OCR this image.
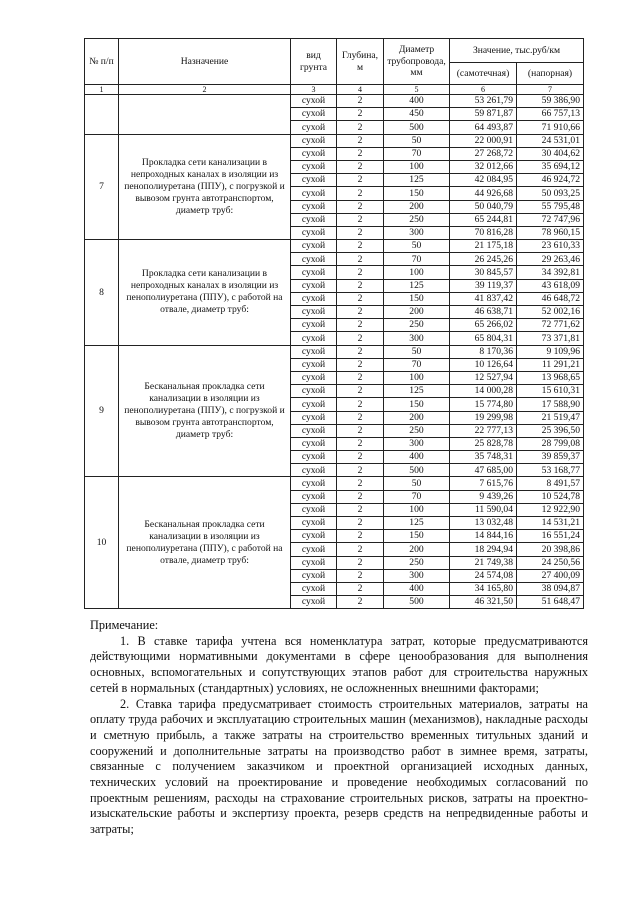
№ п/п	Назначение	вид грунта	Глубина, м	Диаметр трубопровода, мм	Значение, тыс.руб/км	
					(самотечная)	(напорная)
1	2	3	4	5	6	7
		сухой	2	400	53 261,79	59 386,90
		сухой	2	450	59 871,87	66 757,13
		сухой	2	500	64 493,87	71 910,66
7	Прокладка сети канализации в непроходных каналах в изоляции из пенополиуретана (ППУ), с погрузкой и вывозом грунта автотранспортом, диаметр труб:	сухой	2	50	22 000,91	24 531,01
		сухой	2	70	27 268,72	30 404,62
		сухой	2	100	32 012,66	35 694,12
		сухой	2	125	42 084,95	46 924,72
		сухой	2	150	44 926,68	50 093,25
		сухой	2	200	50 040,79	55 795,48
		сухой	2	250	65 244,81	72 747,96
		сухой	2	300	70 816,28	78 960,15
8	Прокладка сети канализации в непроходных каналах в изоляции из пенополиуретана (ППУ), с работой на отвале, диаметр труб:	сухой	2	50	21 175,18	23 610,33
		сухой	2	70	26 245,26	29 263,46
		сухой	2	100	30 845,57	34 392,81
		сухой	2	125	39 119,37	43 618,09
		сухой	2	150	41 837,42	46 648,72
		сухой	2	200	46 638,71	52 002,16
		сухой	2	250	65 266,02	72 771,62
		сухой	2	300	65 804,31	73 371,81
9	Бесканальная прокладка сети канализации в изоляции из пенополиуретана (ППУ), с погрузкой и вывозом грунта автотранспортом, диаметр труб:	сухой	2	50	8 170,36	9 109,96
		сухой	2	70	10 126,64	11 291,21
		сухой	2	100	12 527,94	13 968,65
		сухой	2	125	14 000,28	15 610,31
		сухой	2	150	15 774,80	17 588,90
		сухой	2	200	19 299,98	21 519,47
		сухой	2	250	22 777,13	25 396,50
		сухой	2	300	25 828,78	28 799,08
		сухой	2	400	35 748,31	39 859,37
		сухой	2	500	47 685,00	53 168,77
10	Бесканальная прокладка сети канализации в изоляции из пенополиуретана (ППУ), с работой на отвале, диаметр труб:	сухой	2	50	7 615,76	8 491,57
		сухой	2	70	9 439,26	10 524,78
		сухой	2	100	11 590,04	12 922,90
		сухой	2	125	13 032,48	14 531,21
		сухой	2	150	14 844,16	16 551,24
		сухой	2	200	18 294,94	20 398,86
		сухой	2	250	21 749,38	24 250,56
		сухой	2	300	24 574,08	27 400,09
		сухой	2	400	34 165,80	38 094,87
		сухой	2	500	46 321,50	51 648,47

Примечание:

1. В ставке тарифа учтена вся номенклатура затрат, которые предусматриваются действующими нормативными документами в сфере ценообразования для выполнения основных, вспомогательных и сопутствующих этапов работ для строительства наружных сетей в нормальных (стандартных) условиях, не осложненных внешними факторами;

2. Ставка тарифа предусматривает стоимость строительных материалов, затраты на оплату труда рабочих и эксплуатацию строительных машин (механизмов), накладные расходы и сметную прибыль, а также затраты на строительство временных титульных зданий и сооружений и дополнительные затраты на производство работ в зимнее время, затраты, связанные с получением заказчиком и проектной организацией исходных данных, технических условий на проектирование и проведение необходимых согласований по проектным решениям, расходы на страхование строительных рисков, затраты на проектно-изыскательские работы и экспертизу проекта, резерв средств на непредвиденные работы и затраты;
